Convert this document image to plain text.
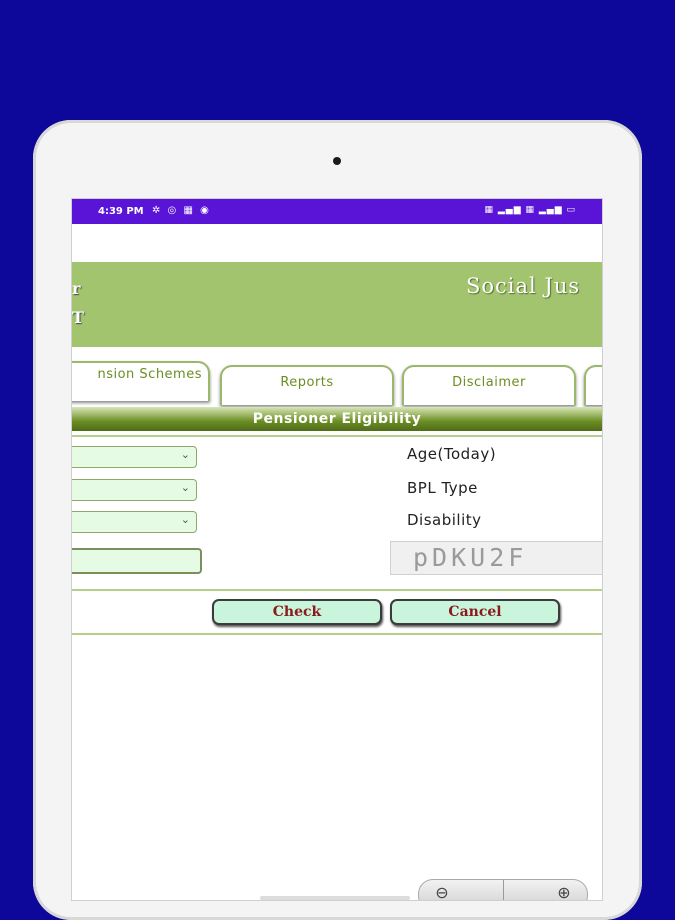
4:39 PM ✲ ◎ ▦ ◉	▦ ▂▄▆ ▦ ▂▄▆ ▭
r
T
Social Jus
nsion Schemes
Reports	Disclaimer
Pensioner Eligibility
⌄
⌄
⌄
Age(Today)
BPL Type
Disability
pDKU2F
Check	Cancel
⊖	⊕
